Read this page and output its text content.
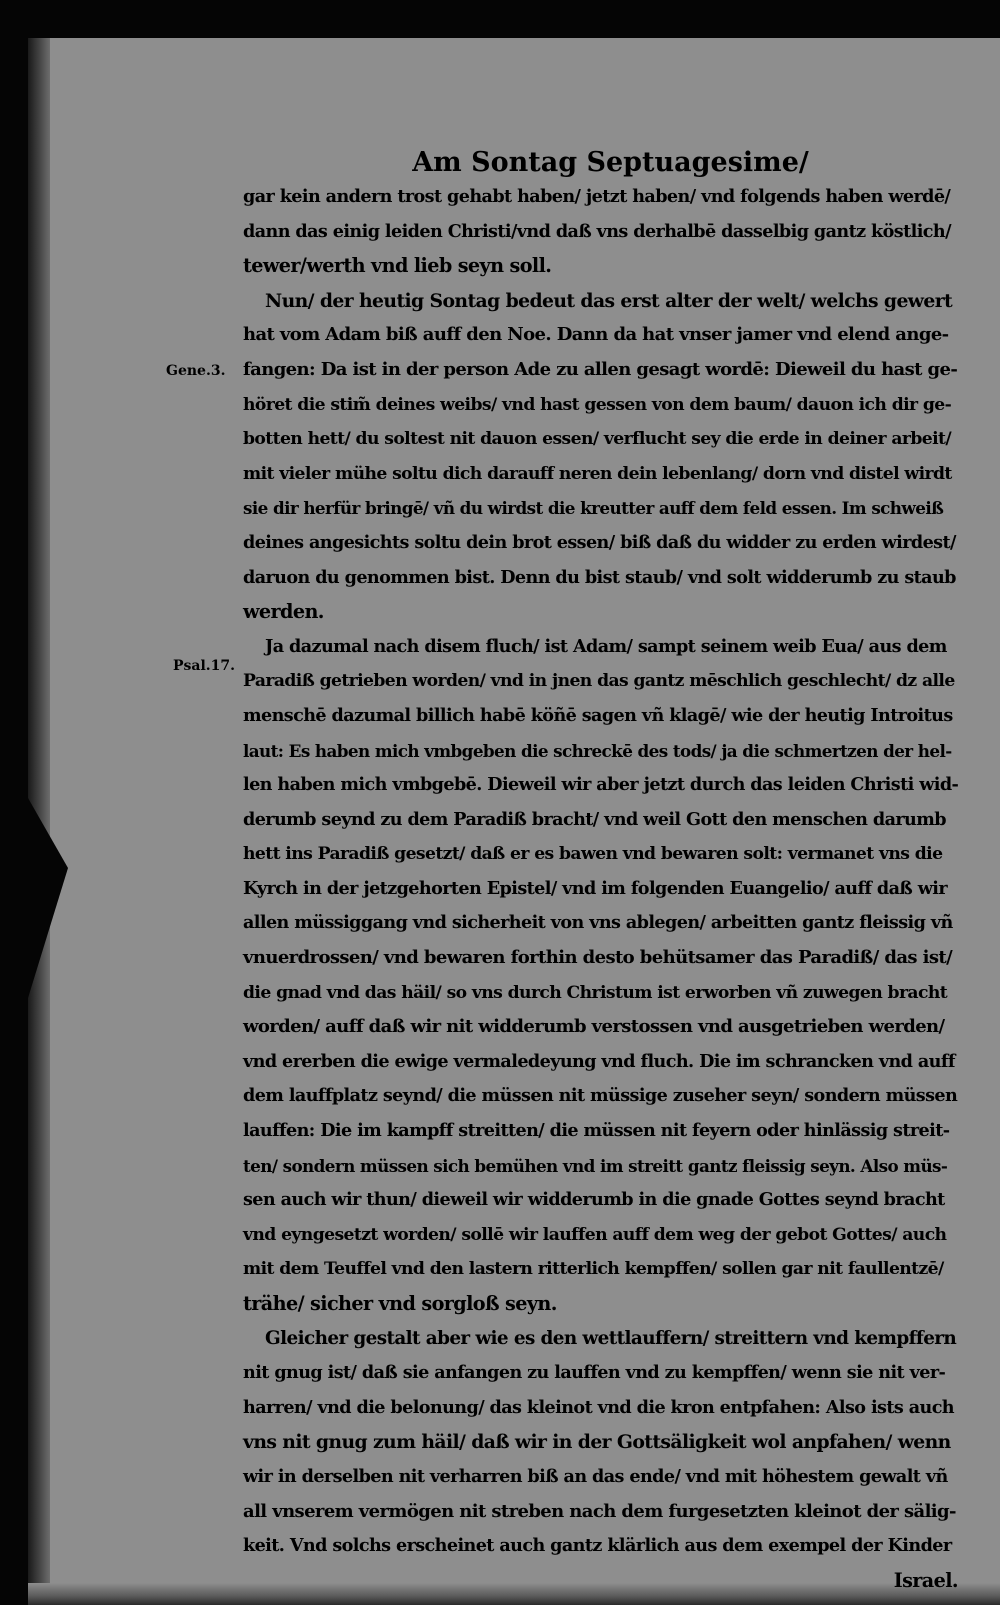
Gene.3.
Psal.17.
Am Sontag Septuagesime/
gar kein andern trost gehabt haben/ jetzt haben/ vnd folgends haben werdē/
dann das einig leiden Christi/vnd daß vns derhalbē dasselbig gantz köstlich/
tewer/werth vnd lieb seyn soll.
Nun/ der heutig Sontag bedeut das erst alter der welt/ welchs gewert
hat vom Adam biß auff den Noe. Dann da hat vnser jamer vnd elend ange-
fangen: Da ist in der person Ade zu allen gesagt wordē: Dieweil du hast ge-
höret die stim̃ deines weibs/ vnd hast gessen von dem baum/ dauon ich dir ge-
botten hett/ du soltest nit dauon essen/ verflucht sey die erde in deiner arbeit/
mit vieler mühe soltu dich darauff neren dein lebenlang/ dorn vnd distel wirdt
sie dir herfür bringē/ vñ du wirdst die kreutter auff dem feld essen. Im schweiß
deines angesichts soltu dein brot essen/ biß daß du widder zu erden wirdest/
daruon du genommen bist. Denn du bist staub/ vnd solt widderumb zu staub
werden.
Ja dazumal nach disem fluch/ ist Adam/ sampt seinem weib Eua/ aus dem
Paradiß getrieben worden/ vnd in jnen das gantz mēschlich geschlecht/ dz alle
menschē dazumal billich habē köñē sagen vñ klagē/ wie der heutig Introitus
laut: Es haben mich vmbgeben die schreckē des tods/ ja die schmertzen der hel-
len haben mich vmbgebē. Dieweil wir aber jetzt durch das leiden Christi wid-
derumb seynd zu dem Paradiß bracht/ vnd weil Gott den menschen darumb
hett ins Paradiß gesetzt/ daß er es bawen vnd bewaren solt: vermanet vns die
Kyrch in der jetzgehorten Epistel/ vnd im folgenden Euangelio/ auff daß wir
allen müssiggang vnd sicherheit von vns ablegen/ arbeitten gantz fleissig vñ
vnuerdrossen/ vnd bewaren forthin desto behütsamer das Paradiß/ das ist/
die gnad vnd das häil/ so vns durch Christum ist erworben vñ zuwegen bracht
worden/ auff daß wir nit widderumb verstossen vnd ausgetrieben werden/
vnd ererben die ewige vermaledeyung vnd fluch. Die im schrancken vnd auff
dem lauffplatz seynd/ die müssen nit müssige zuseher seyn/ sondern müssen
lauffen: Die im kampff streitten/ die müssen nit feyern oder hinlässig streit-
ten/ sondern müssen sich bemühen vnd im streitt gantz fleissig seyn. Also müs-
sen auch wir thun/ dieweil wir widderumb in die gnade Gottes seynd bracht
vnd eyngesetzt worden/ sollē wir lauffen auff dem weg der gebot Gottes/ auch
mit dem Teuffel vnd den lastern ritterlich kempffen/ sollen gar nit faullentzē/
trähe/ sicher vnd sorgloß seyn.
Gleicher gestalt aber wie es den wettlauffern/ streittern vnd kempffern
nit gnug ist/ daß sie anfangen zu lauffen vnd zu kempffen/ wenn sie nit ver-
harren/ vnd die belonung/ das kleinot vnd die kron entpfahen: Also ists auch
vns nit gnug zum häil/ daß wir in der Gottsäligkeit wol anpfahen/ wenn
wir in derselben nit verharren biß an das ende/ vnd mit höhestem gewalt vñ
all vnserem vermögen nit streben nach dem furgesetzten kleinot der sälig-
keit. Vnd solchs erscheinet auch gantz klärlich aus dem exempel der Kinder
Israel.
